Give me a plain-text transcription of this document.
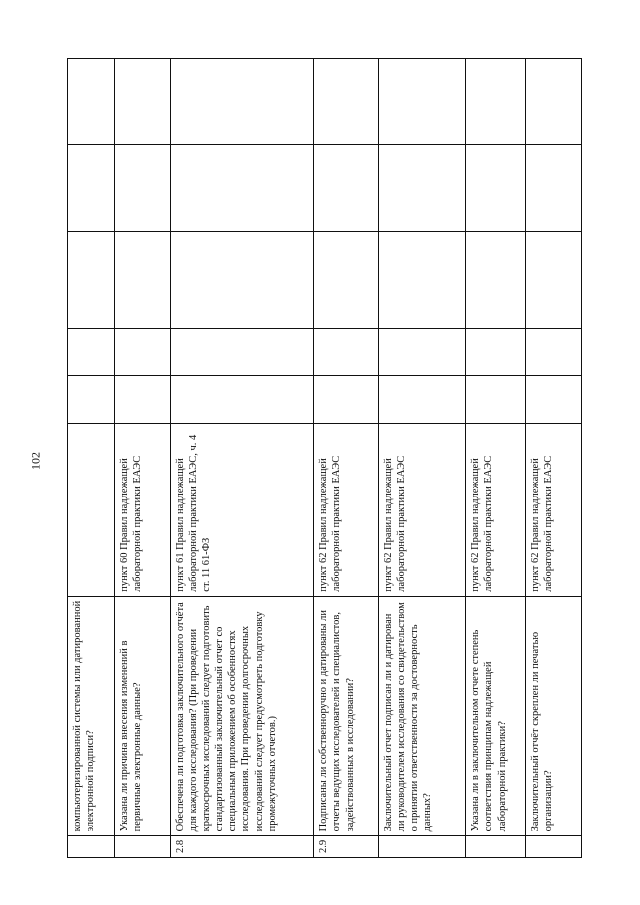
102
	компьютеризированной системы или датированной электронной подписи?						
	Указана ли причина внесения изменений в первичные электронные данные?	пункт 60 Правил надлежащей лабораторной практики ЕАЭС					
2.8	Обеспечена ли подготовка заключительного отчёта для каждого исследования? (При проведении краткосрочных исследований следует подготовить стандартизованный заключительный отчет со специальным приложением об особенностях исследования. При проведении долгосрочных исследований следует предусмотреть подготовку промежуточных отчетов.)	пункт 61 Правил надлежащей лабораторной практики ЕАЭС, ч. 4 ст. 11 61-ФЗ					
2.9	Подписаны ли собственноручно и датированы ли отчеты ведущих исследователей и специалистов, задействованных в исследовании?	пункт 62 Правил надлежащей лабораторной практики ЕАЭС					
	Заключительный отчет подписан ли и датирован ли руководителем исследования со свидетельством о принятии ответственности за достоверность данных?	пункт 62 Правил надлежащей лабораторной практики ЕАЭС					
	Указана ли в заключительном отчете степень соответствия принципам надлежащей лабораторной практики?	пункт 62 Правил надлежащей лабораторной практики ЕАЭС					
	Заключительный отчёт скреплен ли печатью организации?	пункт 62 Правил надлежащей лабораторной практики ЕАЭС					
